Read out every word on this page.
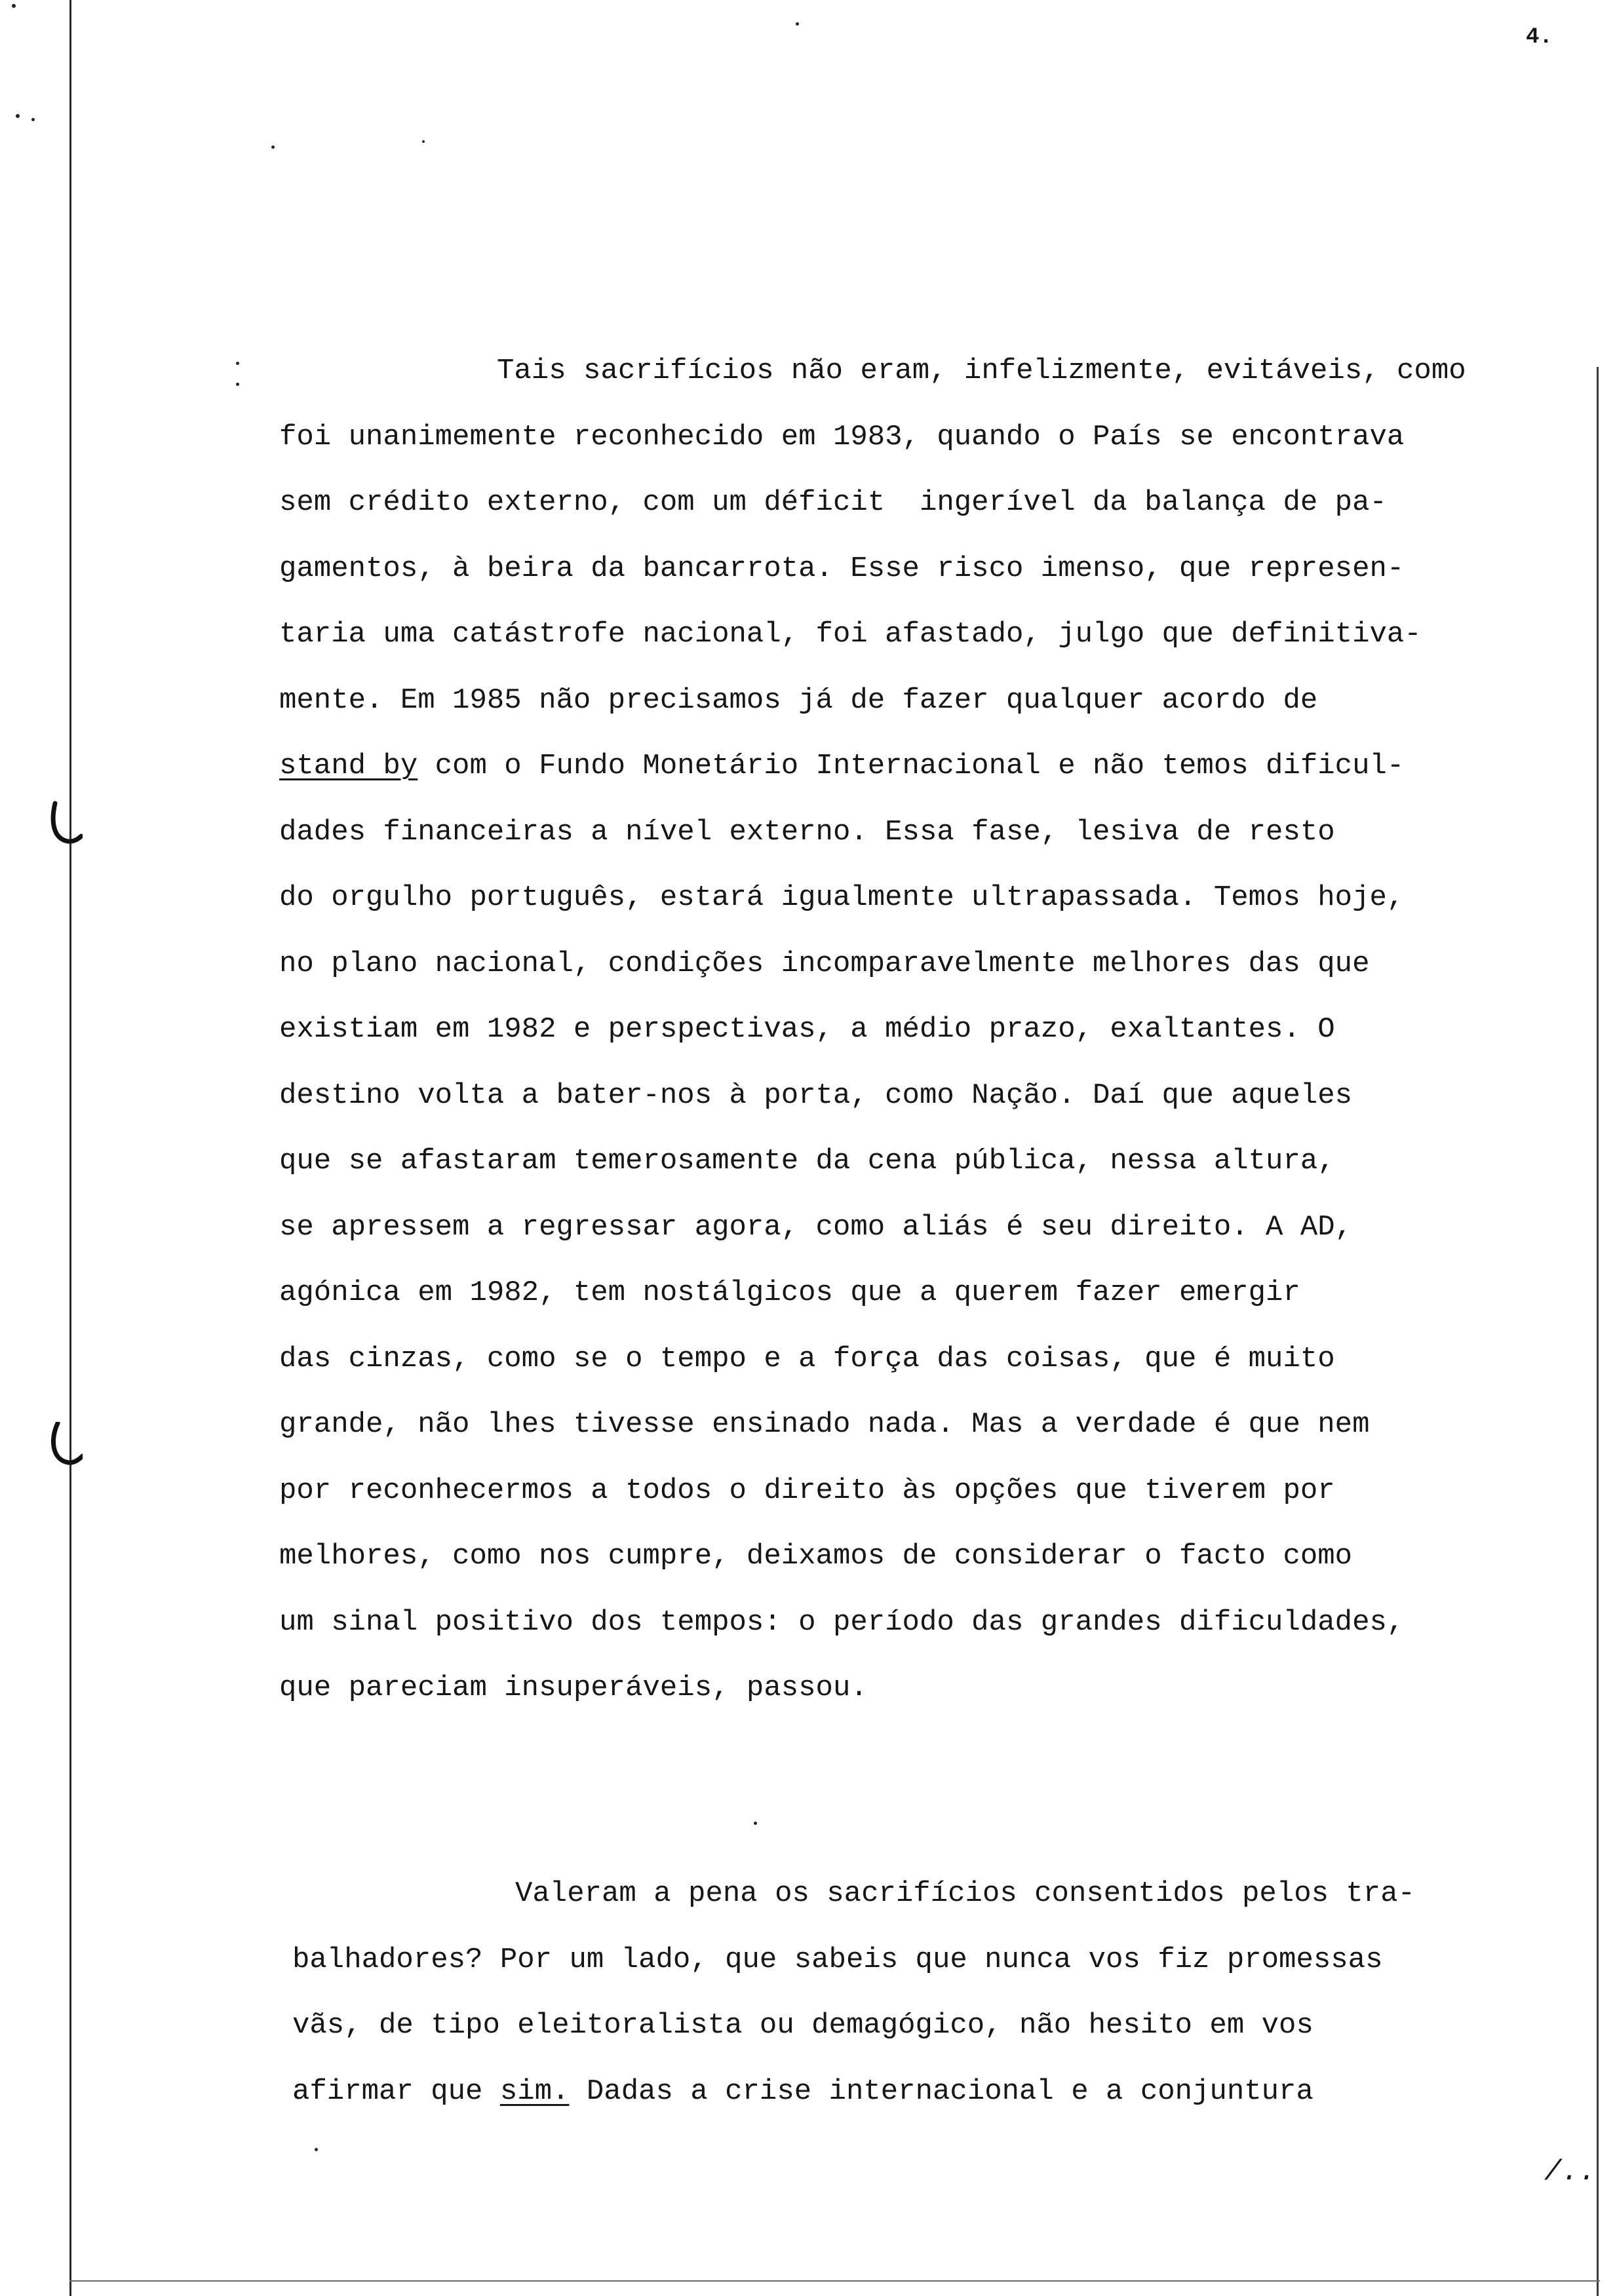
4.
Tais sacrifícios não eram, infelizmente, evitáveis, como
foi unanimemente reconhecido em 1983, quando o País se encontrava
sem crédito externo, com um déficit  ingerível da balança de pa-
gamentos, à beira da bancarrota. Esse risco imenso, que represen-
taria uma catástrofe nacional, foi afastado, julgo que definitiva-
mente. Em 1985 não precisamos já de fazer qualquer acordo de
stand by com o Fundo Monetário Internacional e não temos dificul-
dades financeiras a nível externo. Essa fase, lesiva de resto
do orgulho português, estará igualmente ultrapassada. Temos hoje,
no plano nacional, condições incomparavelmente melhores das que
existiam em 1982 e perspectivas, a médio prazo, exaltantes. O
destino volta a bater-nos à porta, como Nação. Daí que aqueles
que se afastaram temerosamente da cena pública, nessa altura,
se apressem a regressar agora, como aliás é seu direito. A AD,
agónica em 1982, tem nostálgicos que a querem fazer emergir
das cinzas, como se o tempo e a força das coisas, que é muito
grande, não lhes tivesse ensinado nada. Mas a verdade é que nem
por reconhecermos a todos o direito às opções que tiverem por
melhores, como nos cumpre, deixamos de considerar o facto como
um sinal positivo dos tempos: o período das grandes dificuldades,
que pareciam insuperáveis, passou.
Valeram a pena os sacrifícios consentidos pelos tra-
balhadores? Por um lado, que sabeis que nunca vos fiz promessas
vãs, de tipo eleitoralista ou demagógico, não hesito em vos
afirmar que sim. Dadas a crise internacional e a conjuntura
/..
